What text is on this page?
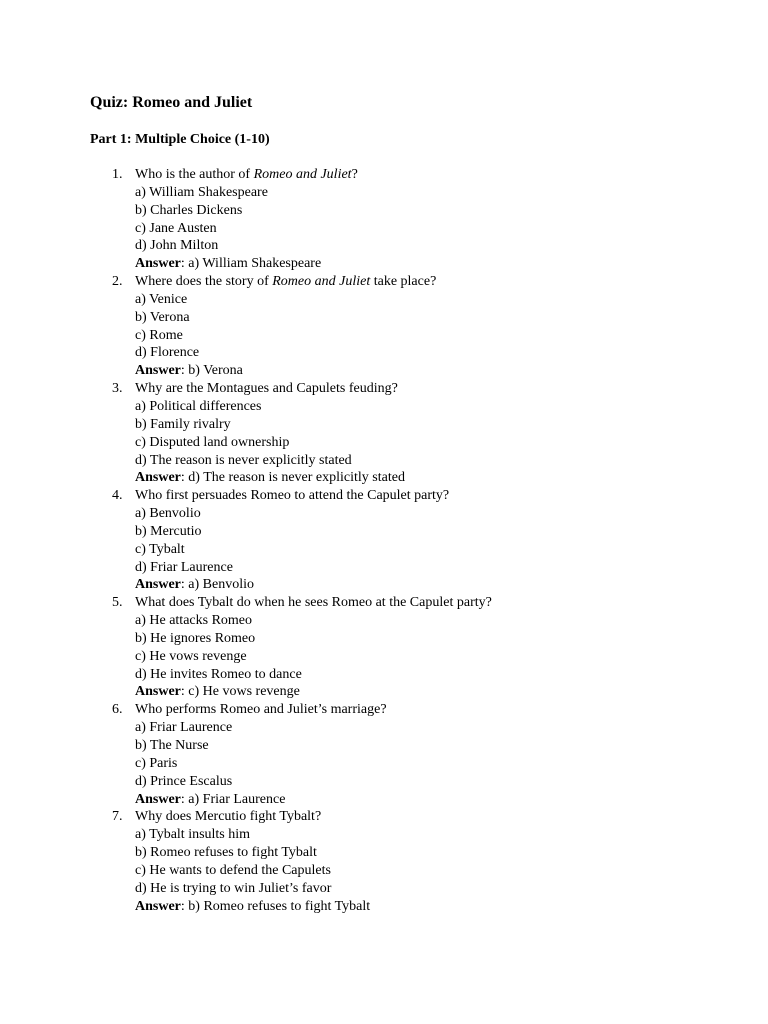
Quiz: Romeo and Juliet
Part 1: Multiple Choice (1-10)
1. Who is the author of Romeo and Juliet?
a) William Shakespeare
b) Charles Dickens
c) Jane Austen
d) John Milton
Answer: a) William Shakespeare
2. Where does the story of Romeo and Juliet take place?
a) Venice
b) Verona
c) Rome
d) Florence
Answer: b) Verona
3. Why are the Montagues and Capulets feuding?
a) Political differences
b) Family rivalry
c) Disputed land ownership
d) The reason is never explicitly stated
Answer: d) The reason is never explicitly stated
4. Who first persuades Romeo to attend the Capulet party?
a) Benvolio
b) Mercutio
c) Tybalt
d) Friar Laurence
Answer: a) Benvolio
5. What does Tybalt do when he sees Romeo at the Capulet party?
a) He attacks Romeo
b) He ignores Romeo
c) He vows revenge
d) He invites Romeo to dance
Answer: c) He vows revenge
6. Who performs Romeo and Juliet’s marriage?
a) Friar Laurence
b) The Nurse
c) Paris
d) Prince Escalus
Answer: a) Friar Laurence
7. Why does Mercutio fight Tybalt?
a) Tybalt insults him
b) Romeo refuses to fight Tybalt
c) He wants to defend the Capulets
d) He is trying to win Juliet’s favor
Answer: b) Romeo refuses to fight Tybalt
